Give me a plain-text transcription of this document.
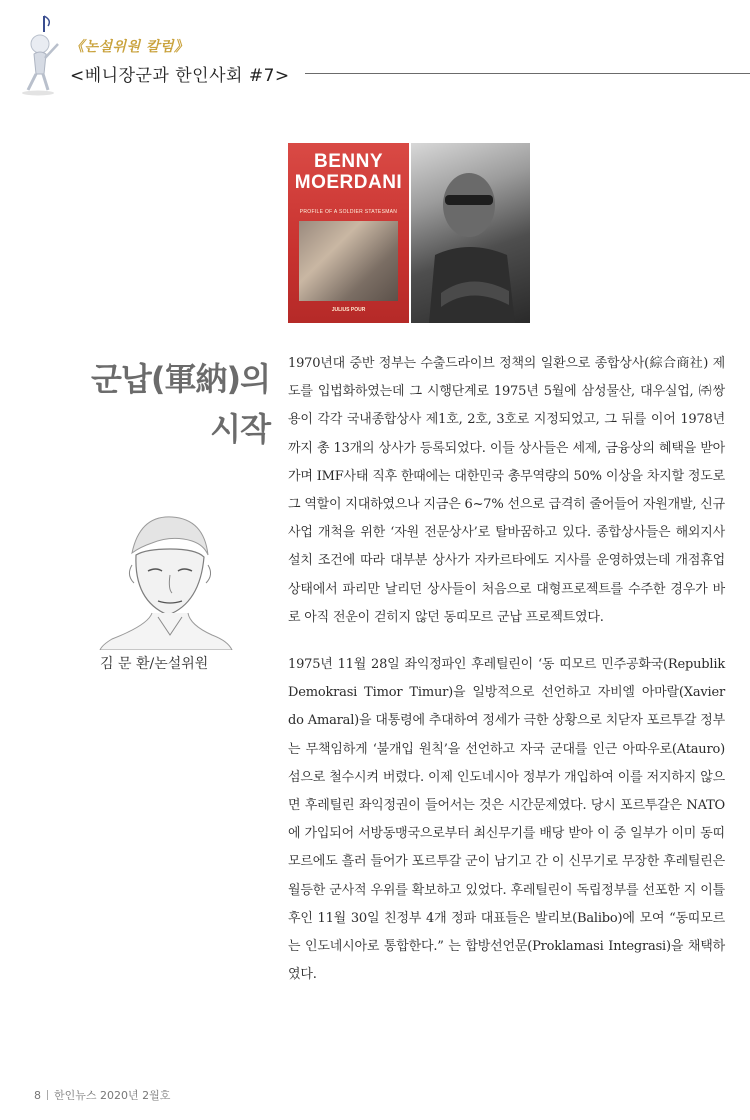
《논설위원 칼럼》
<베니장군과 한인사회 #7>
BENNY
MOERDANI
PROFILE OF A SOLDIER STATESMAN
JULIUS POUR
군납(軍納)의
시작
김 문 환/논설위원

1970년대 중반 정부는 수출드라이브 정책의 일환으로 종합상사(綜合商社) 제도를 입법화하였는데 그 시행단계로 1975년 5월에 삼성물산, 대우실업, ㈜쌍용이 각각 국내종합상사 제1호, 2호, 3호로 지정되었고, 그 뒤를 이어 1978년까지 총 13개의 상사가 등록되었다. 이들 상사들은 세제, 금융상의 혜택을 받아가며 IMF사태 직후 한때에는 대한민국 총무역량의 50% 이상을 차지할 정도로 그 역할이 지대하였으나 지금은 6~7% 선으로 급격히 줄어들어 자원개발, 신규사업 개척을 위한 ‘자원 전문상사’로 탈바꿈하고 있다. 종합상사들은 해외지사 설치 조건에 따라 대부분 상사가 자카르타에도 지사를 운영하였는데 개점휴업 상태에서 파리만 날리던 상사들이 처음으로 대형프로젝트를 수주한 경우가 바로 아직 전운이 걷히지 않던 동띠모르 군납 프로젝트였다.

1975년 11월 28일 좌익정파인 후레틸린이 ‘동 띠모르 민주공화국(Republik Demokrasi Timor Timur)을 일방적으로 선언하고 자비엘 아마랄(Xavier do Amaral)을 대통령에 추대하여 정세가 극한 상황으로 치닫자 포르투갈 정부는 무책임하게 ‘불개입 원칙’을 선언하고 자국 군대를 인근 아따우로(Atauro) 섬으로 철수시켜 버렸다. 이제 인도네시아 정부가 개입하여 이를 저지하지 않으면 후레틸린 좌익정권이 들어서는 것은 시간문제였다. 당시 포르투갈은 NATO에 가입되어 서방동맹국으로부터 최신무기를 배당 받아 이 중 일부가 이미 동띠모르에도 흘러 들어가 포르투갈 군이 남기고 간 이 신무기로 무장한 후레틸린은 월등한 군사적 우위를 확보하고 있었다. 후레틸린이 독립정부를 선포한 지 이틀 후인 11월 30일 친정부 4개 정파 대표들은 발리보(Balibo)에 모여 “동띠모르는 인도네시아로 통합한다.” 는 합방선언문(Proklamasi Integrasi)을 채택하였다.

8 한인뉴스 2020년 2월호
